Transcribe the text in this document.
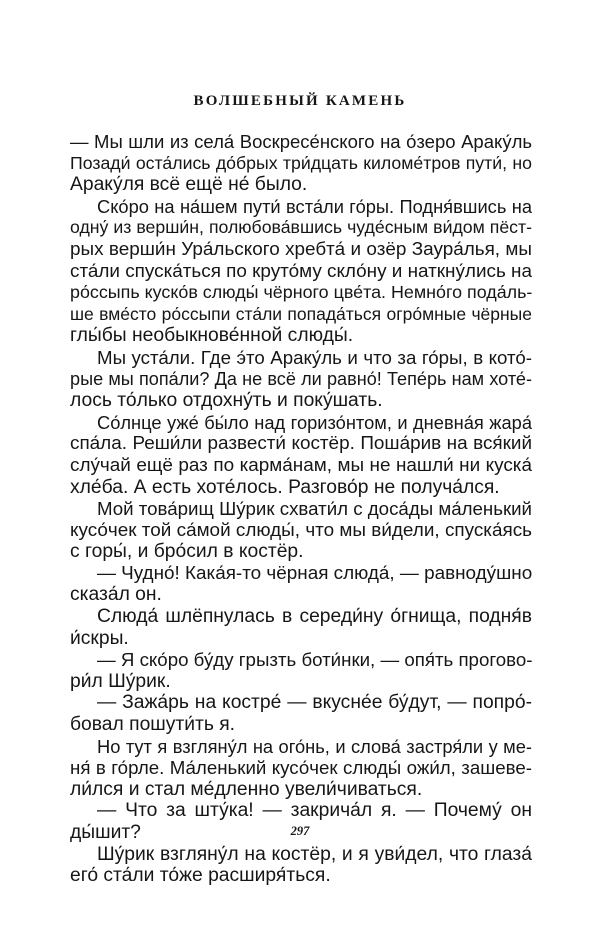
ВОЛШЕБНЫЙ КАМЕНЬ
— Мы шли из села́ Воскресе́нского на о́зеро Араку́ль
Позади́ оста́лись до́брых три́дцать киломе́тров пути́, но
Араку́ля всё ещё не́ было.
Ско́ро на на́шем пути́ вста́ли го́ры. Подня́вшись на
одну́ из верши́н, полюбова́вшись чуде́сным ви́дом пёст-
рых верши́н Ура́льского хребта́ и озёр Заура́лья, мы
ста́ли спуска́ться по круто́му скло́ну и наткну́лись на
ро́ссыпь куско́в слюды́ чёрного цве́та. Немно́го пода́ль-
ше вме́сто ро́ссыпи ста́ли попада́ться огро́мные чёрные
глы́бы необыкнове́нной слюды́.
Мы уста́ли. Где э́то Араку́ль и что за го́ры, в кото́-
рые мы попа́ли? Да не всё ли равно́! Тепе́рь нам хоте́-
лось то́лько отдохну́ть и поку́шать.
Со́лнце уже́ бы́ло над горизо́нтом, и дневна́я жара́
спа́ла. Реши́ли развести́ костёр. Поша́рив на вся́кий
слу́чай ещё раз по карма́нам, мы не нашли́ ни куска́
хле́ба. А есть хоте́лось. Разгово́р не получа́лся.
Мой това́рищ Шу́рик схвати́л с доса́ды ма́ленький
кусо́чек той са́мой слюды́, что мы ви́дели, спуска́ясь
с горы́, и бро́сил в костёр.
— Чудно́! Кака́я-то чёрная слюда́, — равноду́шно
сказа́л он.
Слюда́ шлёпнулась в середи́ну о́гнища, подня́в
и́скры.
— Я ско́ро бу́ду грызть боти́нки, — опя́ть прогово-
ри́л Шу́рик.
— Зажа́рь на костре́ — вкусне́е бу́дут, — попро́-
бовал пошути́ть я.
Но тут я взгляну́л на ого́нь, и слова́ застря́ли у ме-
ня́ в го́рле. Ма́ленький кусо́чек слюды́ ожи́л, зашеве-
ли́лся и стал ме́дленно увели́чиваться.
— Что за шту́ка! — закрича́л я. — Почему́ он
ды́шит?
Шу́рик взгляну́л на костёр, и я уви́дел, что глаза́
его́ ста́ли то́же расширя́ться.
297
